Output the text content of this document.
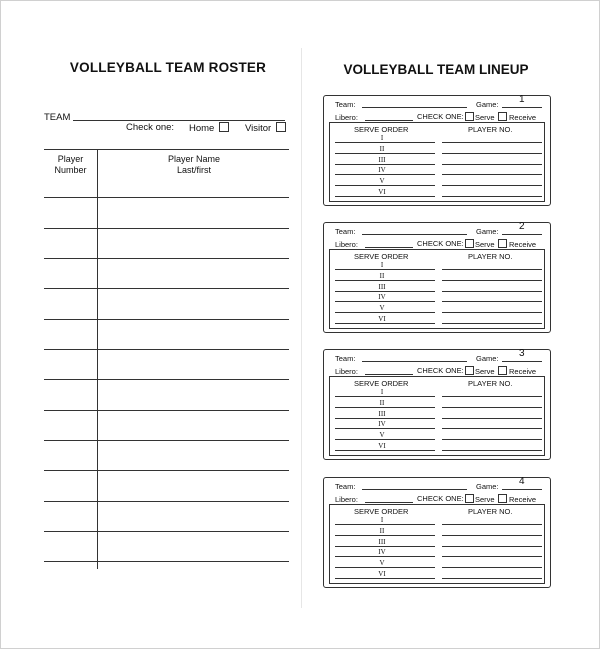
VOLLEYBALL TEAM ROSTER
TEAM
Check one: Home	Visitor
Player
Number
Player Name
Last/first
VOLLEYBALL TEAM LINEUP
Team:	Game: 1
Libero:	CHECK ONE: Serve Receive
SERVE ORDER	PLAYER NO.
I
II
III
IV
V
VI
Team:	Game: 2
Libero:	CHECK ONE: Serve Receive
SERVE ORDER	PLAYER NO.
I
II
III
IV
V
VI
Team:	Game: 3
Libero:	CHECK ONE: Serve Receive
SERVE ORDER	PLAYER NO.
I
II
III
IV
V
VI
Team:	Game: 4
Libero:	CHECK ONE: Serve Receive
SERVE ORDER	PLAYER NO.
I
II
III
IV
V
VI
